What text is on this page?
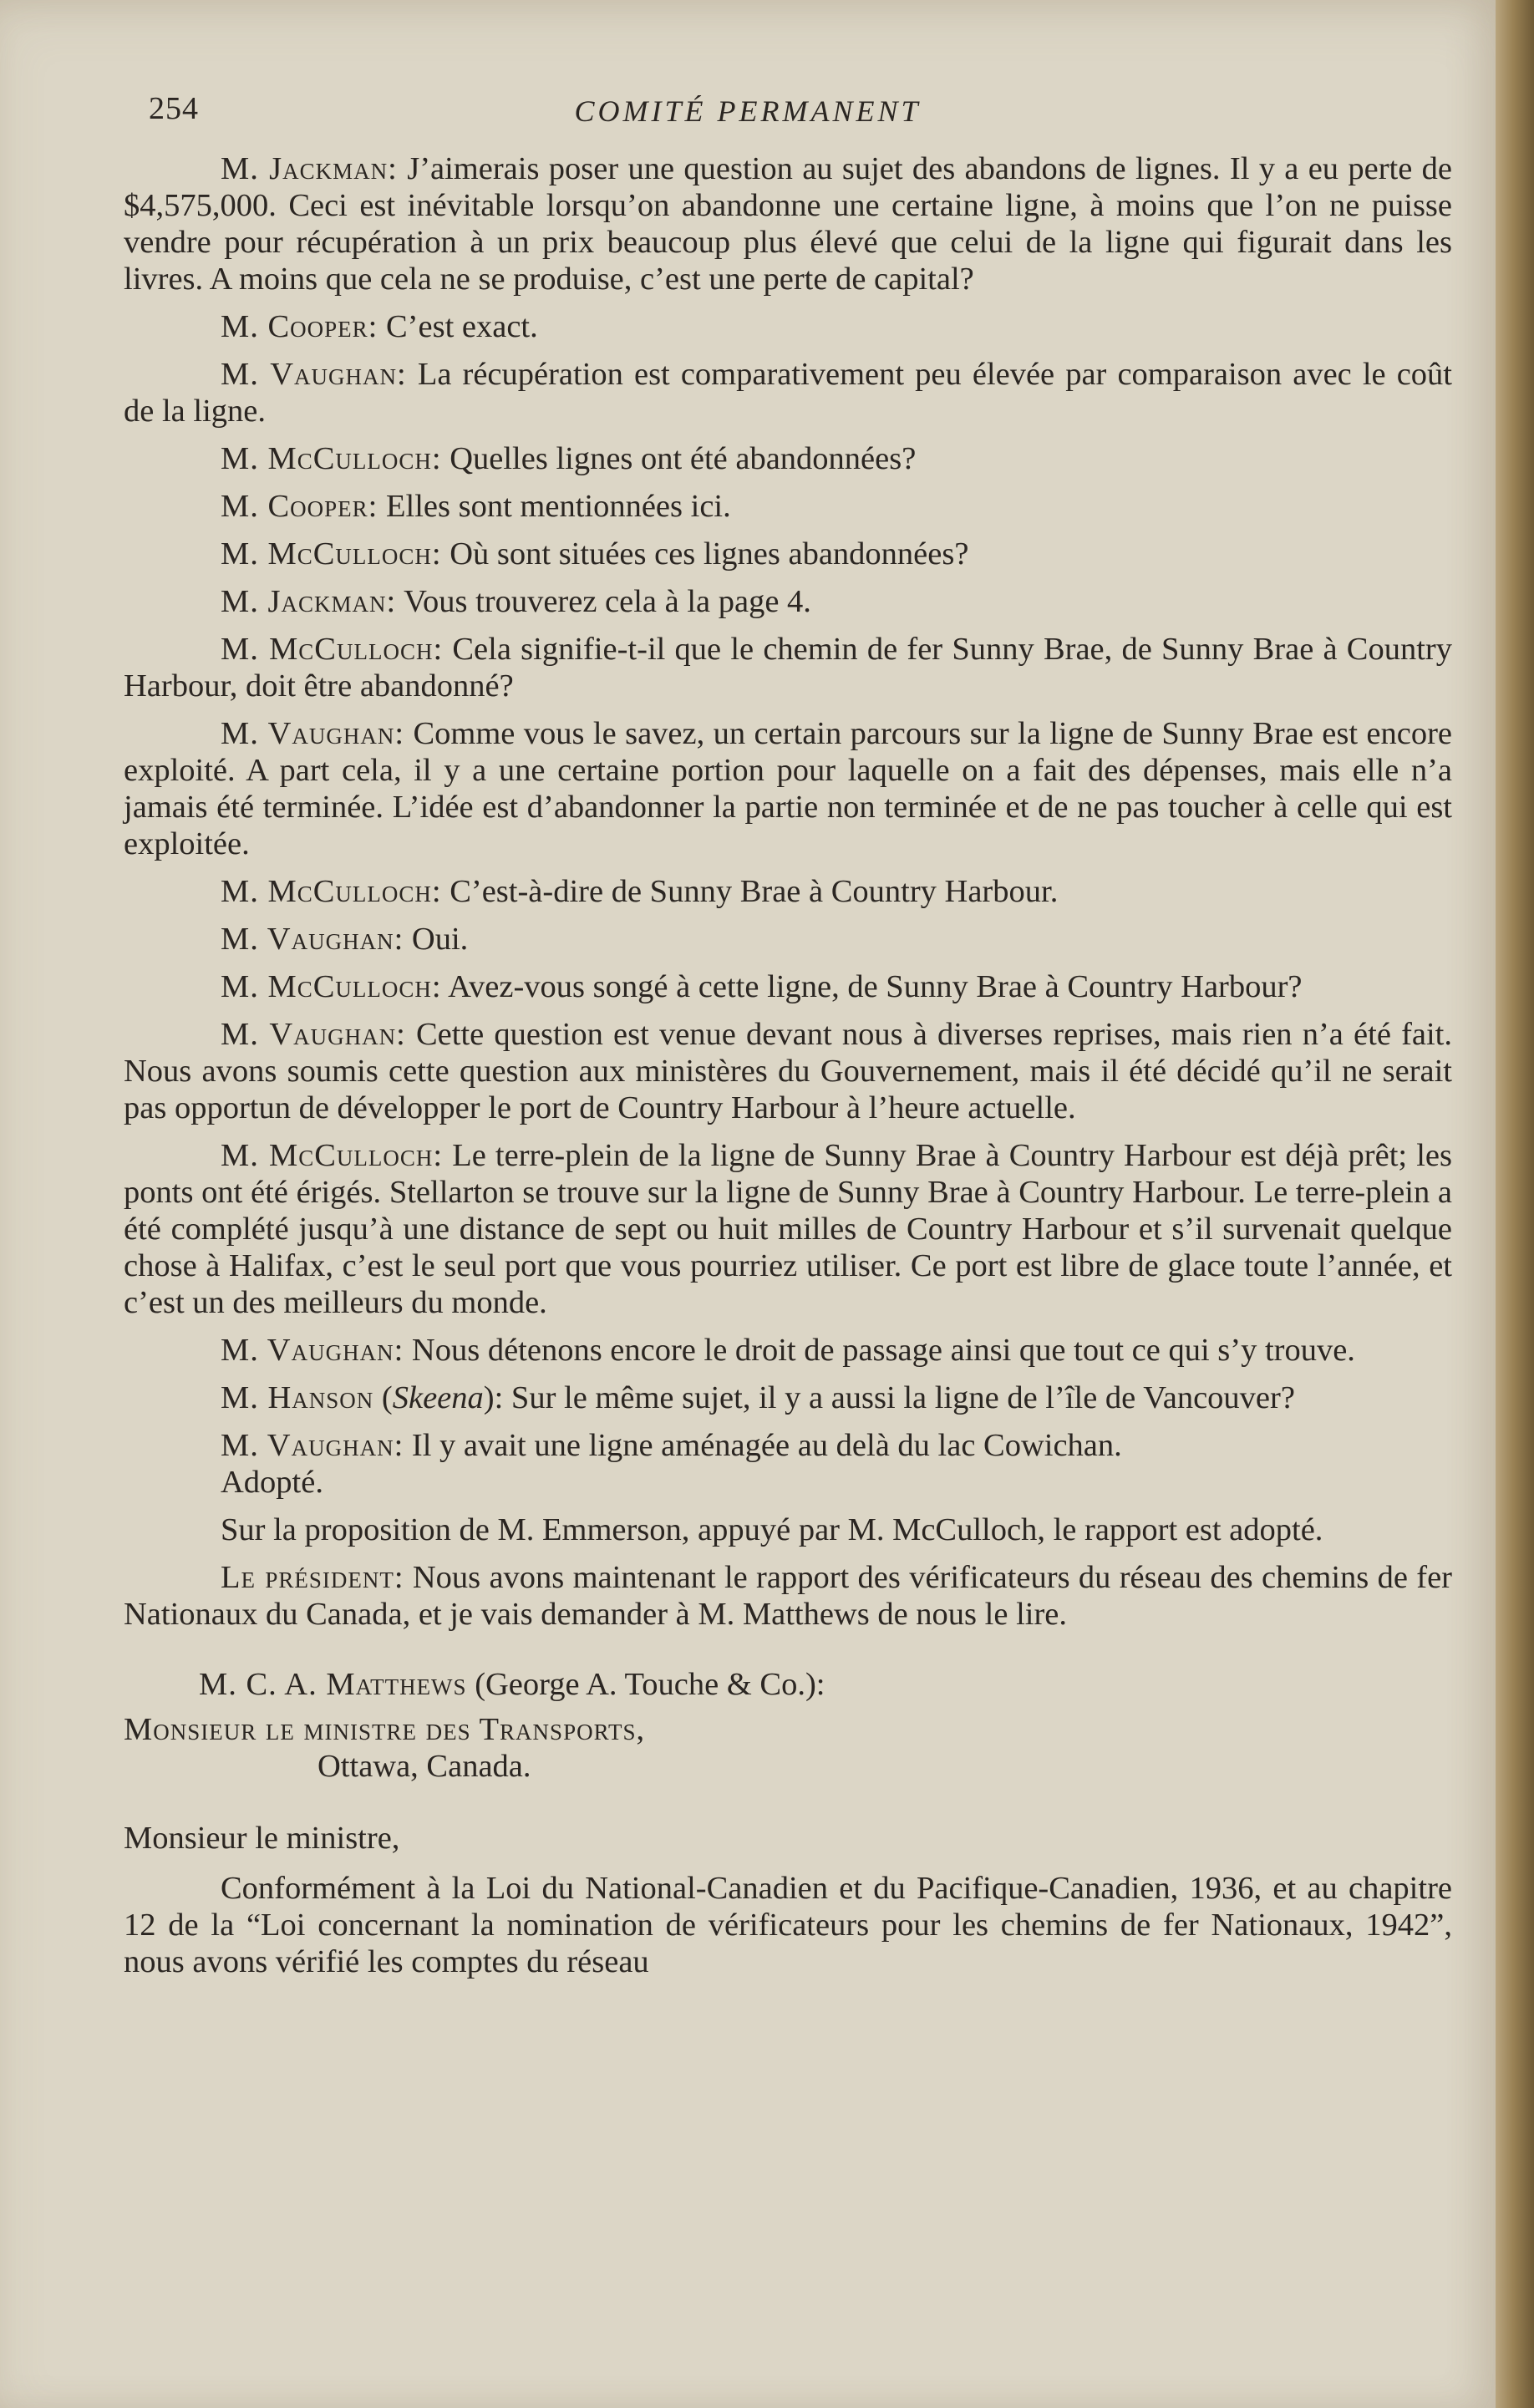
254	COMITÉ PERMANENT

M. Jackman: J’aimerais poser une question au sujet des abandons de lignes. Il y a eu perte de $4,575,000. Ceci est inévitable lorsqu’on abandonne une certaine ligne, à moins que l’on ne puisse vendre pour récupération à un prix beaucoup plus élevé que celui de la ligne qui figurait dans les livres. A moins que cela ne se produise, c’est une perte de capital?

M. Cooper: C’est exact.

M. Vaughan: La récupération est comparativement peu élevée par comparaison avec le coût de la ligne.

M. McCulloch: Quelles lignes ont été abandonnées?

M. Cooper: Elles sont mentionnées ici.

M. McCulloch: Où sont situées ces lignes abandonnées?

M. Jackman: Vous trouverez cela à la page 4.

M. McCulloch: Cela signifie-t-il que le chemin de fer Sunny Brae, de Sunny Brae à Country Harbour, doit être abandonné?

M. Vaughan: Comme vous le savez, un certain parcours sur la ligne de Sunny Brae est encore exploité. A part cela, il y a une certaine portion pour laquelle on a fait des dépenses, mais elle n’a jamais été terminée. L’idée est d’abandonner la partie non terminée et de ne pas toucher à celle qui est exploitée.

M. McCulloch: C’est-à-dire de Sunny Brae à Country Harbour.

M. Vaughan: Oui.

M. McCulloch: Avez-vous songé à cette ligne, de Sunny Brae à Country Harbour?

M. Vaughan: Cette question est venue devant nous à diverses reprises, mais rien n’a été fait. Nous avons soumis cette question aux ministères du Gouvernement, mais il été décidé qu’il ne serait pas opportun de développer le port de Country Harbour à l’heure actuelle.

M. McCulloch: Le terre-plein de la ligne de Sunny Brae à Country Harbour est déjà prêt; les ponts ont été érigés. Stellarton se trouve sur la ligne de Sunny Brae à Country Harbour. Le terre-plein a été complété jusqu’à une distance de sept ou huit milles de Country Harbour et s’il survenait quelque chose à Halifax, c’est le seul port que vous pourriez utiliser. Ce port est libre de glace toute l’année, et c’est un des meilleurs du monde.

M. Vaughan: Nous détenons encore le droit de passage ainsi que tout ce qui s’y trouve.

M. Hanson (Skeena): Sur le même sujet, il y a aussi la ligne de l’île de Vancouver?

M. Vaughan: Il y avait une ligne aménagée au delà du lac Cowichan.

Adopté.

Sur la proposition de M. Emmerson, appuyé par M. McCulloch, le rapport est adopté.

Le président: Nous avons maintenant le rapport des vérificateurs du réseau des chemins de fer Nationaux du Canada, et je vais demander à M. Matthews de nous le lire.

M. C. A. Matthews (George A. Touche & Co.):

Monsieur le ministre des Transports,

Ottawa, Canada.

Monsieur le ministre,

Conformément à la Loi du National-Canadien et du Pacifique-Canadien, 1936, et au chapitre 12 de la “Loi concernant la nomination de vérificateurs pour les chemins de fer Nationaux, 1942”, nous avons vérifié les comptes du réseau
